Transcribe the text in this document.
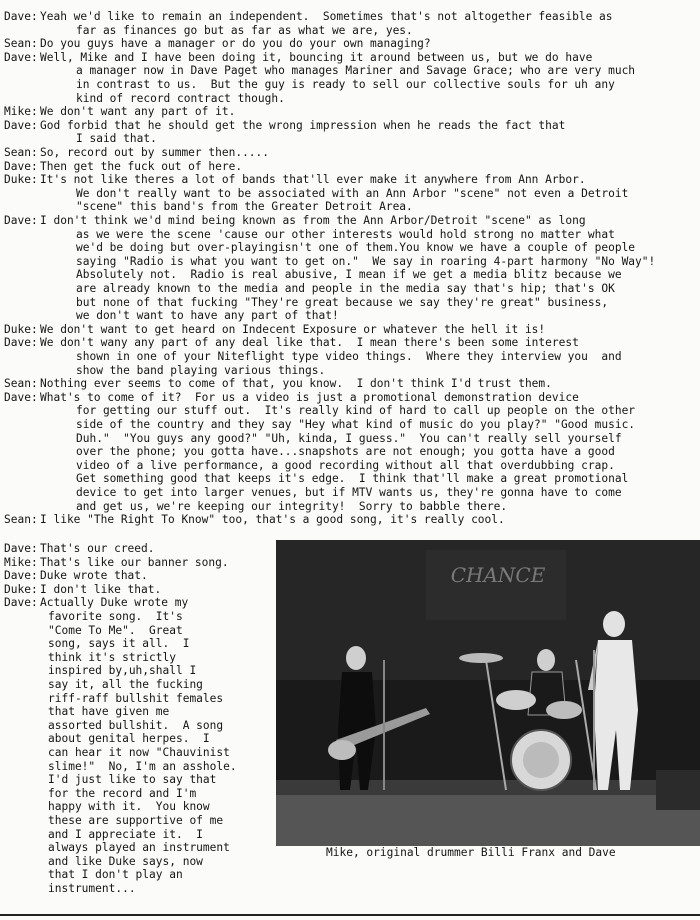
Dave: Yeah we'd like to remain an independent.  Sometimes that's not altogether feasible as
far as finances go but as far as what we are, yes.
Sean: Do you guys have a manager or do you do your own managing?
Dave: Well, Mike and I have been doing it, bouncing it around between us, but we do have
a manager now in Dave Paget who manages Mariner and Savage Grace; who are very much
in contrast to us.  But the guy is ready to sell our collective souls for uh any
kind of record contract though.
Mike: We don't want any part of it.
Dave: God forbid that he should get the wrong impression when he reads the fact that
I said that.
Sean: So, record out by summer then.....
Dave: Then get the fuck out of here.
Duke: It's not like theres a lot of bands that'll ever make it anywhere from Ann Arbor.
We don't really want to be associated with an Ann Arbor "scene" not even a Detroit
"scene" this band's from the Greater Detroit Area.
Dave: I don't think we'd mind being known as from the Ann Arbor/Detroit "scene" as long
as we were the scene 'cause our other interests would hold strong no matter what
we'd be doing but over-playingisn't one of them.You know we have a couple of people
saying "Radio is what you want to get on."  We say in roaring 4-part harmony "No Way"!
Absolutely not.  Radio is real abusive, I mean if we get a media blitz because we
are already known to the media and people in the media say that's hip; that's OK
but none of that fucking "They're great because we say they're great" business,
we don't want to have any part of that!
Duke: We don't want to get heard on Indecent Exposure or whatever the hell it is!
Dave: We don't wany any part of any deal like that.  I mean there's been some interest
shown in one of your Niteflight type video things.  Where they interview you  and
show the band playing various things.
Sean: Nothing ever seems to come of that, you know.  I don't think I'd trust them.
Dave: What's to come of it?  For us a video is just a promotional demonstration device
for getting our stuff out.  It's really kind of hard to call up people on the other
side of the country and they say "Hey what kind of music do you play?" "Good music.
Duh."  "You guys any good?" "Uh, kinda, I guess."  You can't really sell yourself
over the phone; you gotta have...snapshots are not enough; you gotta have a good
video of a live performance, a good recording without all that overdubbing crap.
Get something good that keeps it's edge.  I think that'll make a great promotional
device to get into larger venues, but if MTV wants us, they're gonna have to come
and get us, we're keeping our integrity!  Sorry to babble there.
Sean: I like "The Right To Know" too, that's a good song, it's really cool.
Dave: That's our creed.
Mike: That's like our banner song.
Dave: Duke wrote that.
Duke: I don't like that.
Dave: Actually Duke wrote my
favorite song.  It's
"Come To Me".  Great
song, says it all.  I
think it's strictly
inspired by,uh,shall I
say it, all the fucking
riff-raff bullshit females
that have given me
assorted bullshit.  A song
about genital herpes.  I
can hear it now "Chauvinist
slime!"  No, I'm an asshole.
I'd just like to say that
for the record and I'm
happy with it.  You know
these are supportive of me
and I appreciate it.  I
always played an instrument
and like Duke says, now
that I don't play an
instrument...
CHANCE
Mike, original drummer Billi Franx and Dave
